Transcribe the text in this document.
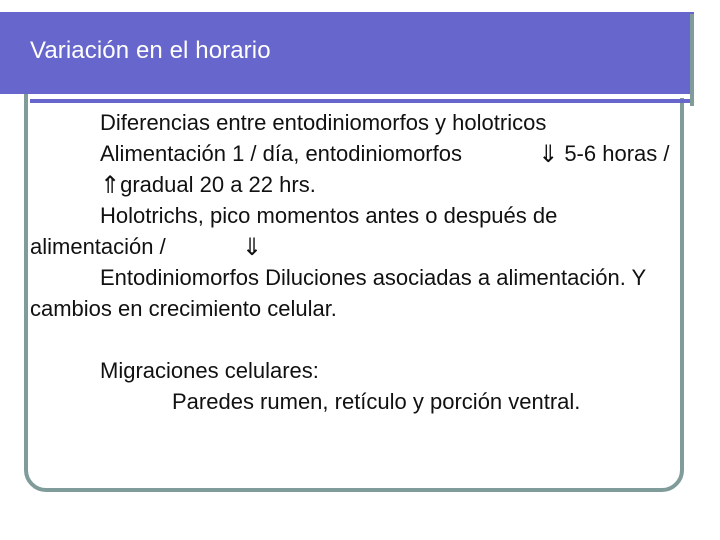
Variación en el horario

Diferencias entre entodiniomorfos y holotricos

Alimentación 1 / día, entodiniomorfos	⇓ 5-6 horas / ⇑gradual 20 a 22 hrs.

Holotrichs, pico momentos antes o después de alimentación /	⇓

Entodiniomorfos Diluciones asociadas a alimentación. Y cambios en crecimiento celular.

Migraciones celulares:

Paredes rumen, retículo y porción ventral.
